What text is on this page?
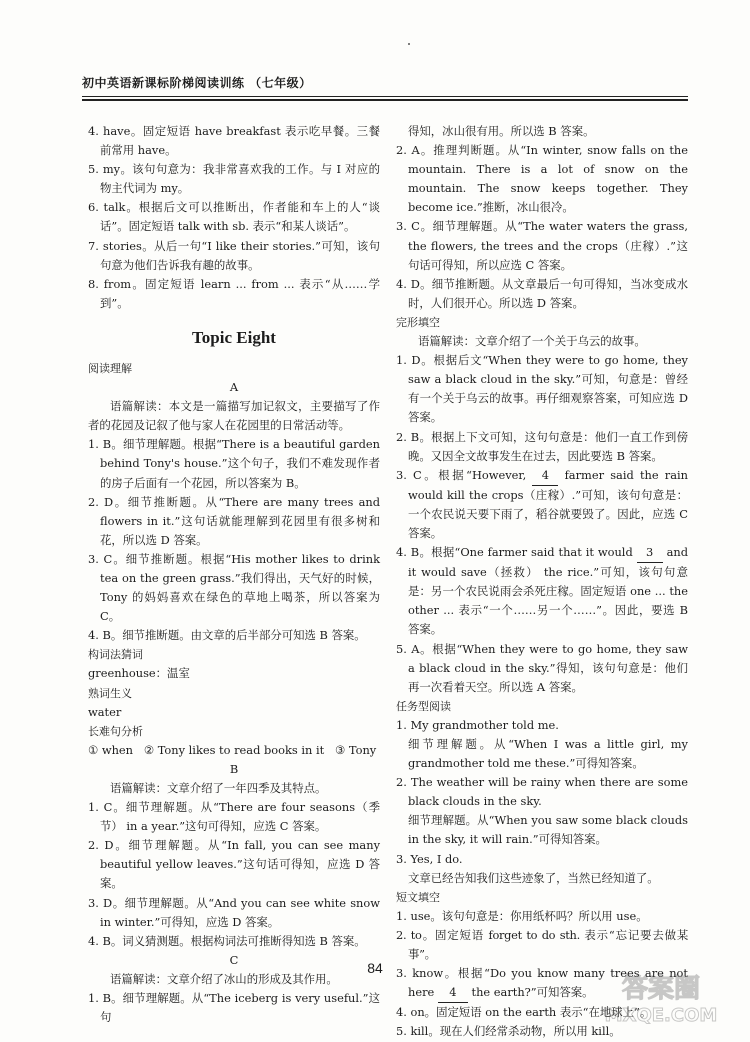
初中英语新课标阶梯阅读训练 （七年级）

4. have。固定短语 have breakfast 表示吃早餐。三餐前常用 have。

5. my。该句句意为：我非常喜欢我的工作。与 I 对应的物主代词为 my。

6. talk。根据后文可以推断出，作者能和车上的人“谈话”。固定短语 talk with sb. 表示“和某人谈话”。

7. stories。从后一句“I like their stories.”可知，该句句意为他们告诉我有趣的故事。

8. from。固定短语 learn ... from ... 表示“从……学到”。

Topic Eight

阅读理解

A

语篇解读：本文是一篇描写加记叙文，主要描写了作者的花园及记叙了他与家人在花园里的日常活动等。

1. B。细节理解题。根据“There is a beautiful garden behind Tony's house.”这个句子，我们不难发现作者的房子后面有一个花园，所以答案为 B。

2. D。细节推断题。从“There are many trees and flowers in it.”这句话就能理解到花园里有很多树和花，所以选 D 答案。

3. C。细节推断题。根据“His mother likes to drink tea on the green grass.”我们得出，天气好的时候，Tony 的妈妈喜欢在绿色的草地上喝茶，所以答案为 C。

4. B。细节推断题。由文章的后半部分可知选 B 答案。

构词法猜词

greenhouse：温室

熟词生义

water

长难句分析

① when   ② Tony likes to read books in it   ③ Tony

B

语篇解读：文章介绍了一年四季及其特点。

1. C。细节理解题。从“There are four seasons（季节） in a year.”这句可得知，应选 C 答案。

2. D。细节理解题。从“In fall, you can see many beautiful yellow leaves.”这句话可得知，应选 D 答案。

3. D。细节理解题。从“And you can see white snow in winter.”可得知，应选 D 答案。

4. B。词义猜测题。根据构词法可推断得知选 B 答案。

C

语篇解读：文章介绍了冰山的形成及其作用。

1. B。细节理解题。从“The iceberg is very useful.”这句

得知，冰山很有用。所以选 B 答案。

2. A。推理判断题。从“In winter, snow falls on the mountain. There is a lot of snow on the mountain. The snow keeps together. They become ice.”推断，冰山很冷。

3. C。细节理解题。从“The water waters the grass, the flowers, the trees and the crops（庄稼）.”这句话可得知，所以应选 C 答案。

4. D。细节推断题。从文章最后一句可得知，当冰变成水时，人们很开心。所以选 D 答案。

完形填空

语篇解读：文章介绍了一个关于乌云的故事。

1. D。根据后文“When they were to go home, they saw a black cloud in the sky.”可知，句意是：曾经有一个关于乌云的故事。再仔细观察答案，可知应选 D 答案。

2. B。根据上下文可知，这句句意是：他们一直工作到傍晚。又因全文故事发生在过去，因此要选 B 答案。

3. C。根据“However, 4 farmer said the rain would kill the crops（庄稼）.”可知，该句句意是：一个农民说天要下雨了，稻谷就要毁了。因此，应选 C 答案。

4. B。根据“One farmer said that it would 3 and it would save（拯救） the rice.”可知，该句句意是：另一个农民说雨会杀死庄稼。固定短语 one ... the other ... 表示“一个……另一个……”。因此，要选 B 答案。

5. A。根据“When they were to go home, they saw a black cloud in the sky.”得知，该句句意是：他们再一次看着天空。所以选 A 答案。

任务型阅读

1. My grandmother told me.

细节理解题。从“When I was a little girl, my grandmother told me these.”可得知答案。

2. The weather will be rainy when there are some black clouds in the sky.

细节理解题。从“When you saw some black clouds in the sky, it will rain.”可得知答案。

3. Yes, I do.

文章已经告知我们这些迹象了，当然已经知道了。

短文填空

1. use。该句句意是：你用纸杯吗？所以用 use。

2. to。固定短语 forget to do sth. 表示“忘记要去做某事”。

3. know。根据“Do you know many trees are not here 4 the earth?”可知答案。

4. on。固定短语 on the earth 表示“在地球上”。

5. kill。现在人们经常杀动物，所以用 kill。

84
答案圈
MXQE.COM
